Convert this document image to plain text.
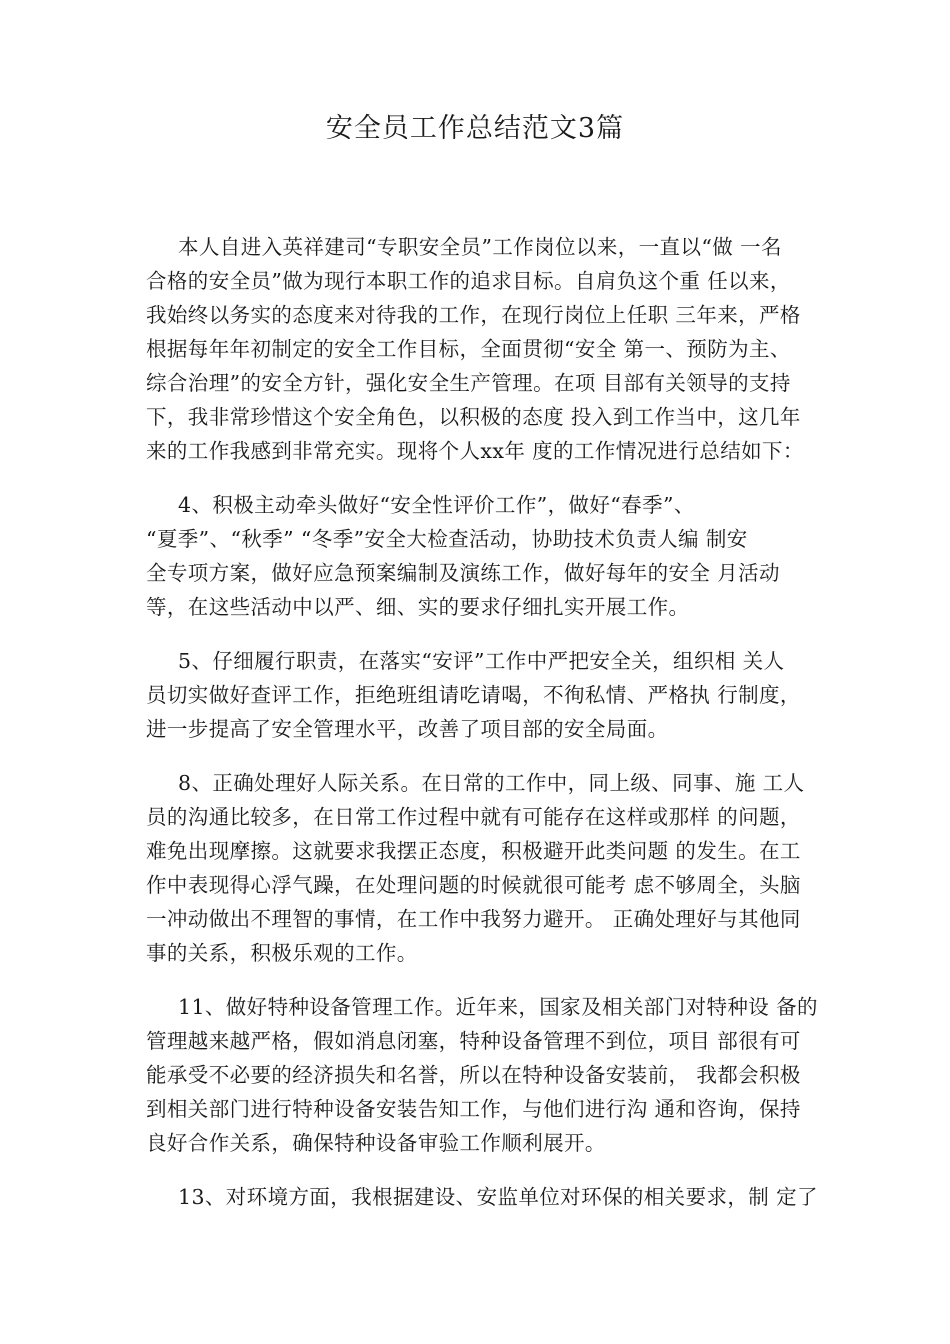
安全员工作总结范文3篇

本人自进入英祥建司“专职安全员”工作岗位以来，一直以“做 一名
合格的安全员”做为现行本职工作的追求目标。自肩负这个重 任以来，
我始终以务实的态度来对待我的工作，在现行岗位上任职 三年来，严格
根据每年年初制定的安全工作目标，全面贯彻“安全 第一、预防为主、
综合治理”的安全方针，强化安全生产管理。在项 目部有关领导的支持
下，我非常珍惜这个安全角色，以积极的态度 投入到工作当中，这几年
来的工作我感到非常充实。现将个人xx年 度的工作情况进行总结如下：

4、积极主动牵头做好“安全性评价工作”，做好“春季”、
“夏季”、“秋季” “冬季”安全大检查活动，协助技术负责人编 制安
全专项方案，做好应急预案编制及演练工作，做好每年的安全 月活动
等，在这些活动中以严、细、实的要求仔细扎实开展工作。

5、仔细履行职责，在落实“安评”工作中严把安全关，组织相 关人
员切实做好查评工作，拒绝班组请吃请喝，不徇私情、严格执 行制度，
进一步提高了安全管理水平，改善了项目部的安全局面。

8、正确处理好人际关系。在日常的工作中，同上级、同事、施 工人
员的沟通比较多，在日常工作过程中就有可能存在这样或那样 的问题，
难免出现摩擦。这就要求我摆正态度，积极避开此类问题 的发生。在工
作中表现得心浮气躁，在处理问题的时候就很可能考 虑不够周全，头脑
一冲动做出不理智的事情，在工作中我努力避开。 正确处理好与其他同
事的关系，积极乐观的工作。

11、做好特种设备管理工作。近年来，国家及相关部门对特种设 备的
管理越来越严格，假如消息闭塞，特种设备管理不到位，项目 部很有可
能承受不必要的经济损失和名誉，所以在特种设备安装前， 我都会积极
到相关部门进行特种设备安装告知工作，与他们进行沟 通和咨询，保持
良好合作关系，确保特种设备审验工作顺利展开。

13、对环境方面，我根据建设、安监单位对环保的相关要求，制 定了
